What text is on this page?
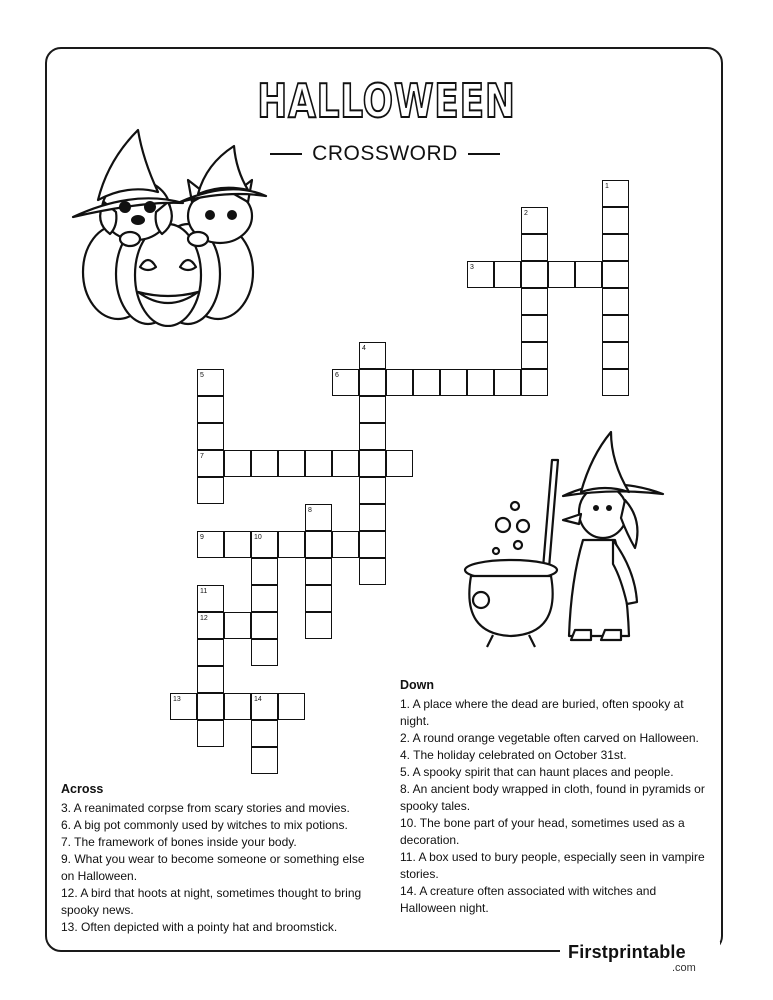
HALLOWEEN
CROSSWORD
1
2
3
4
5	6
7
8
9	10
11
12
13	14
Across

3. A reanimated corpse from scary stories and movies.

6. A big pot commonly used by witches to mix potions.

7. The framework of bones inside your body.

9. What you wear to become someone or something else on Halloween.

12. A bird that hoots at night, sometimes thought to bring spooky news.

13. Often depicted with a pointy hat and broomstick.

Down

1. A place where the dead are buried, often spooky at night.

2. A round orange vegetable often carved on Halloween.

4. The holiday celebrated on October 31st.

5. A spooky spirit that can haunt places and people.

8. An ancient body wrapped in cloth, found in pyramids or spooky tales.

10. The bone part of your head, sometimes used as a decoration.

11. A box used to bury people, especially seen in vampire stories.

14. A creature often associated with witches and Halloween night.

Firstprintable
.com
